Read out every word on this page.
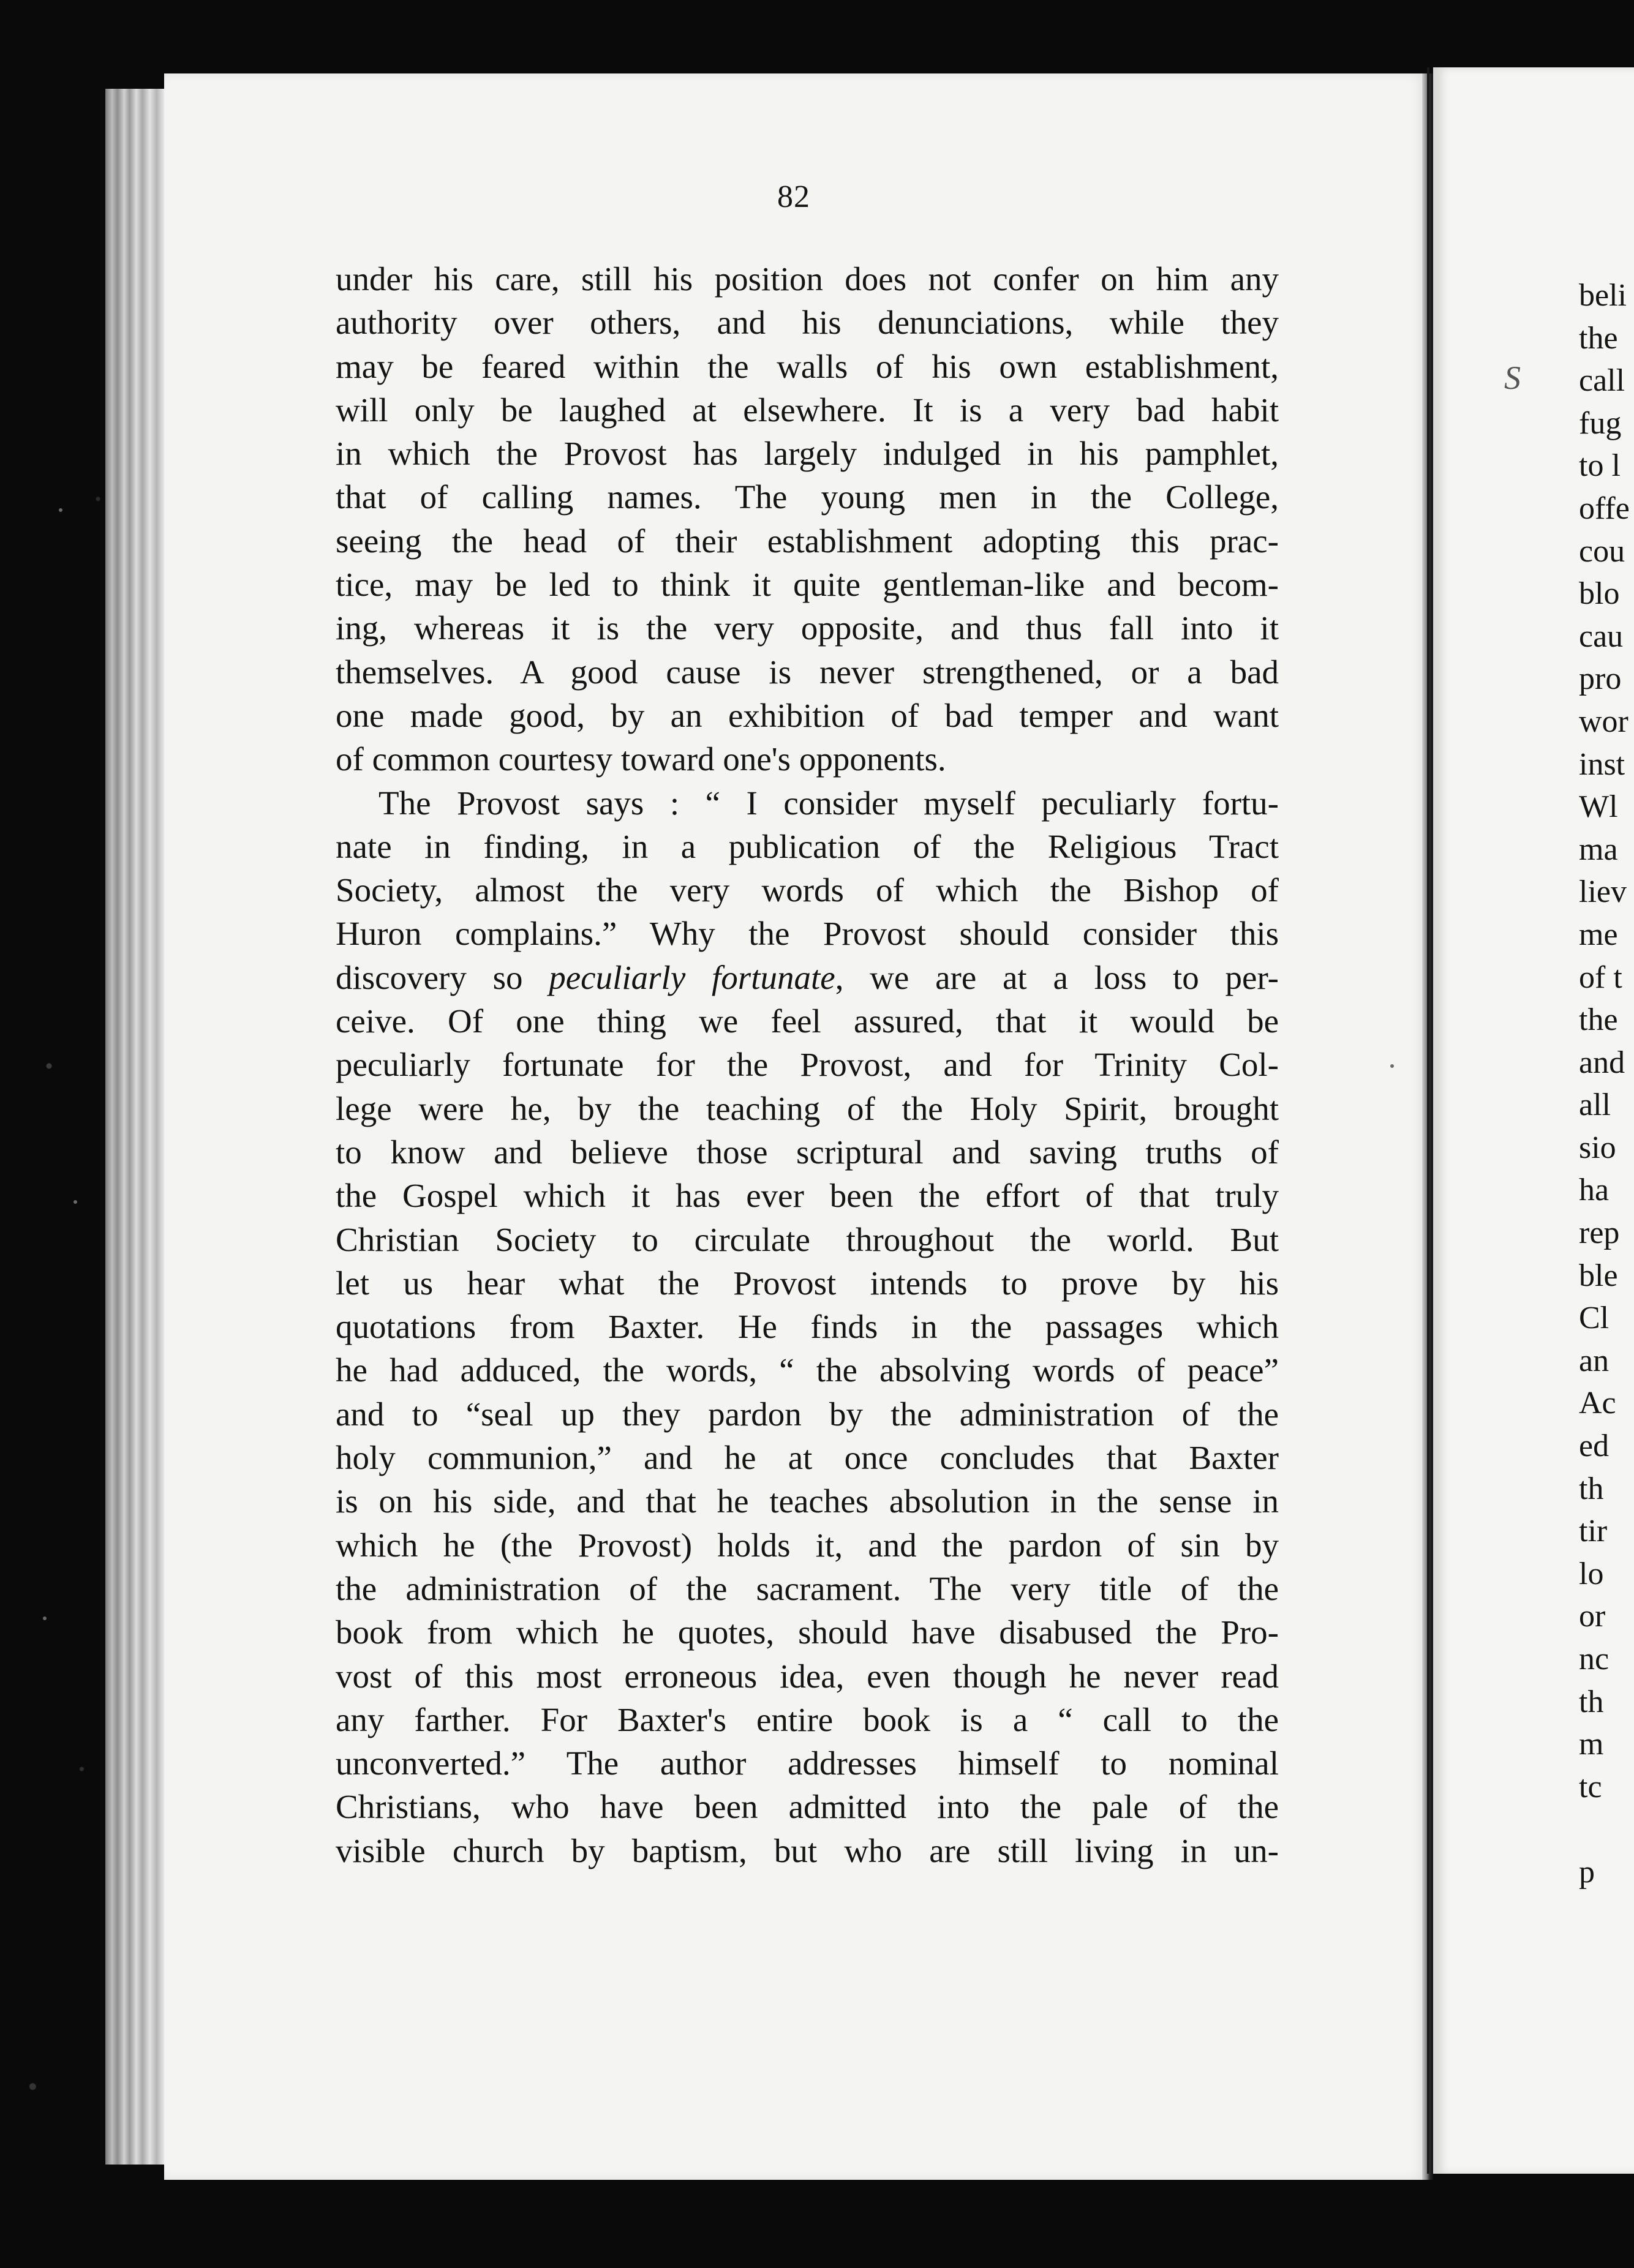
82
under his care, still his position does not confer on him any
authority over others, and his denunciations, while they
may be feared within the walls of his own establishment,
will only be laughed at elsewhere. It is a very bad habit
in which the Provost has largely indulged in his pamphlet,
that of calling names. The young men in the College,
seeing the head of their establishment adopting this prac-
tice, may be led to think it quite gentleman-like and becom-
ing, whereas it is the very opposite, and thus fall into it
themselves. A good cause is never strengthened, or a bad
one made good, by an exhibition of bad temper and want
of common courtesy toward one's opponents.
The Provost says : “ I consider myself peculiarly fortu-
nate in finding, in a publication of the Religious Tract
Society, almost the very words of which the Bishop of
Huron complains.” Why the Provost should consider this
discovery so peculiarly fortunate, we are at a loss to per-
ceive. Of one thing we feel assured, that it would be
peculiarly fortunate for the Provost, and for Trinity Col-
lege were he, by the teaching of the Holy Spirit, brought
to know and believe those scriptural and saving truths of
the Gospel which it has ever been the effort of that truly
Christian Society to circulate throughout the world. But
let us hear what the Provost intends to prove by his
quotations from Baxter. He finds in the passages which
he had adduced, the words, “ the absolving words of peace”
and to “seal up they pardon by the administration of the
holy communion,” and he at once concludes that Baxter
is on his side, and that he teaches absolution in the sense in
which he (the Provost) holds it, and the pardon of sin by
the administration of the sacrament. The very title of the
book from which he quotes, should have disabused the Pro-
vost of this most erroneous idea, even though he never read
any farther. For Baxter's entire book is a “ call to the
unconverted.” The author addresses himself to nominal
Christians, who have been admitted into the pale of the
visible church by baptism, but who are still living in un-
S
beli
the
call
fug
to l
offe
cou
blo
cau
pro
wor
inst
Wl
ma
liev
me
of t
the
and
all
sio
ha
rep
ble
Cl
an
Ac
ed
th
tir
lo
or
nc
th
m
tc
p
